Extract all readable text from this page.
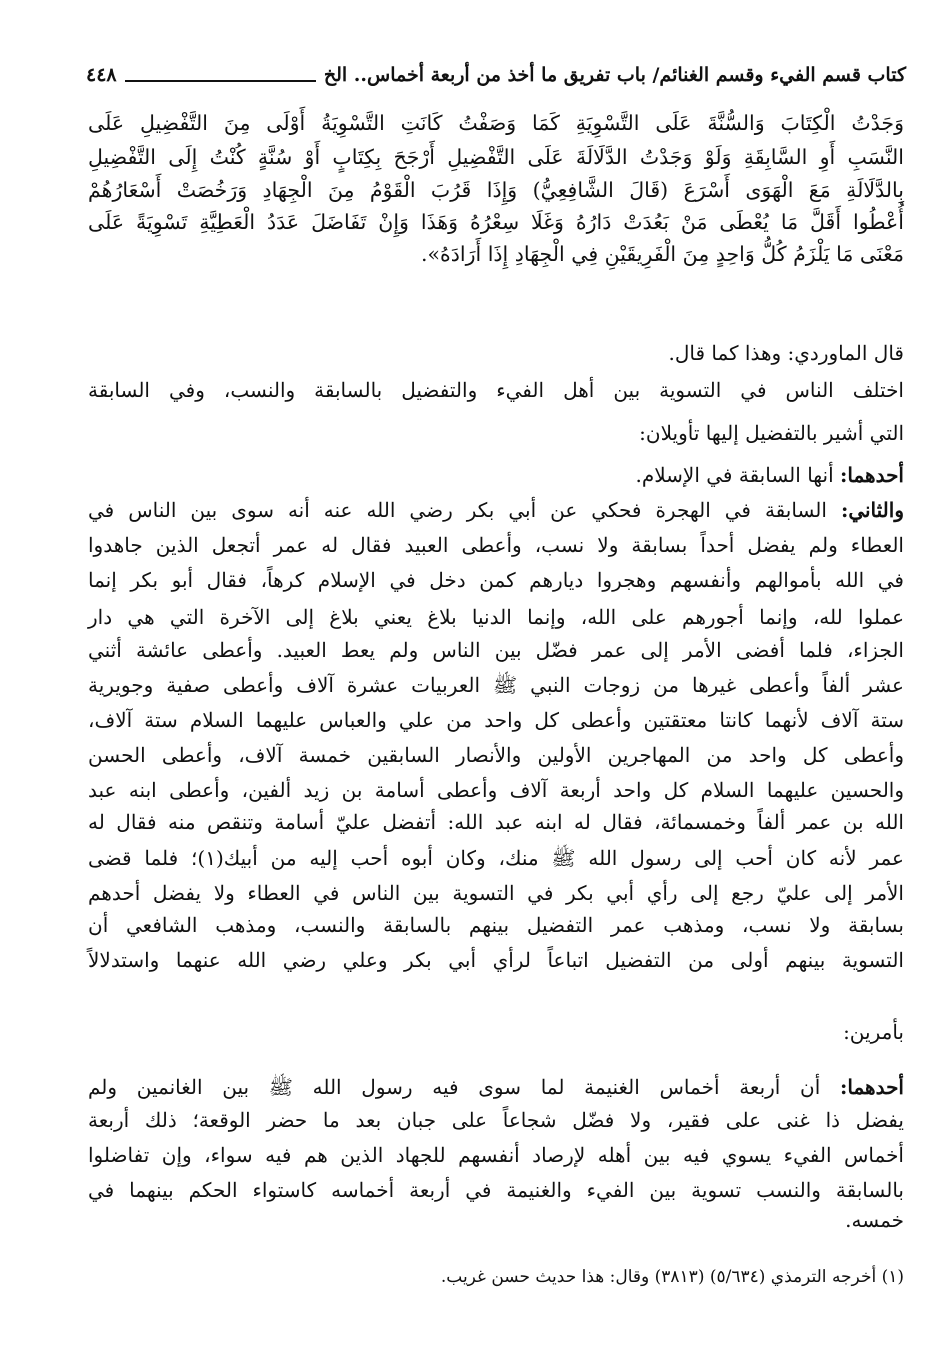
كتاب قسم الفيء وقسم الغنائم/ باب تفريق ما أخذ من أربعة أخماس.. الخ
٤٤٨
وَجَدْتُ الْكِتَابَ وَالسُّنَّةَ عَلَى التَّسْوِيَةِ كَمَا وَصَفْتُ كَانَتِ التَّسْوِيَةُ أَوْلَى مِنَ التَّفْضِيلِ عَلَى
النَّسَبِ أَوِ السَّابِقَةِ وَلَوْ وَجَدْتُ الدَّلَالَةَ عَلَى التَّفْضِيلِ أَرْجَحَ بِكِتَابٍ أَوْ سُنَّةٍ كُنْتُ إِلَى التَّفْضِيلِ
بِالدَّلَالَةِ مَعَ الْهَوَى أَسْرَعَ (قَالَ الشَّافِعِيُّ) وَإِذَا قَرُبَ الْقَوْمُ مِنَ الْجِهَادِ وَرَخُصَتْ أَسْعَارُهُمْ
أُعْطُوا أَقَلَّ مَا يُعْطَى مَنْ بَعُدَتْ دَارُهُ وَغَلَا سِعْرُهُ وَهَذَا وَإِنْ تَفَاضَلَ عَدَدُ الْعَطِيَّةِ تَسْوِيَةً عَلَى
مَعْنَى مَا يَلْزَمُ كُلُّ وَاحِدٍ مِنَ الْفَرِيقَيْنِ فِي الْجِهَادِ إِذَا أَرَادَهُ».
قال الماوردي: وهذا كما قال.
اختلف الناس في التسوية بين أهل الفيء والتفضيل بالسابقة والنسب، وفي السابقة
التي أشير بالتفضيل إليها تأويلان:
أحدهما: أنها السابقة في الإسلام.
والثاني: السابقة في الهجرة فحكي عن أبي بكر رضي الله عنه أنه سوى بين الناس في
العطاء ولم يفضل أحداً بسابقة ولا نسب، وأعطى العبيد فقال له عمر أتجعل الذين جاهدوا
في الله بأموالهم وأنفسهم وهجروا ديارهم كمن دخل في الإسلام كرهاً، فقال أبو بكر إنما
عملوا لله، وإنما أجورهم على الله، وإنما الدنيا بلاغ يعني بلاغ إلى الآخرة التي هي دار
الجزاء، فلما أفضى الأمر إلى عمر فضّل بين الناس ولم يعط العبيد. وأعطى عائشة أثني
عشر ألفاً وأعطى غيرها من زوجات النبي ﷺ العربيات عشرة آلاف وأعطى صفية وجويرية
ستة آلاف لأنهما كانتا معتقتين وأعطى كل واحد من علي والعباس عليهما السلام ستة آلاف،
وأعطى كل واحد من المهاجرين الأولين والأنصار السابقين خمسة آلاف، وأعطى الحسن
والحسين عليهما السلام كل واحد أربعة آلاف وأعطى أسامة بن زيد ألفين، وأعطى ابنه عبد
الله بن عمر ألفاً وخمسمائة، فقال له ابنه عبد الله: أتفضل عليّ أسامة وتنقص منه فقال له
عمر لأنه كان أحب إلى رسول الله ﷺ منك، وكان أبوه أحب إليه من أبيك(١)؛ فلما قضى
الأمر إلى عليّ رجع إلى رأي أبي بكر في التسوية بين الناس في العطاء ولا يفضل أحدهم
بسابقة ولا نسب، ومذهب عمر التفضيل بينهم بالسابقة والنسب، ومذهب الشافعي أن
التسوية بينهم أولى من التفضيل اتباعاً لرأي أبي بكر وعلي رضي الله عنهما واستدلالاً
بأمرين:
أحدهما: أن أربعة أخماس الغنيمة لما سوى فيه رسول الله ﷺ بين الغانمين ولم
يفضل ذا غنى على فقير، ولا فضّل شجاعاً على جبان بعد ما حضر الوقعة؛ ذلك أربعة
أخماس الفيء يسوي فيه بين أهله لإرصاد أنفسهم للجهاد الذين هم فيه سواء، وإن تفاضلوا
بالسابقة والنسب تسوية بين الفيء والغنيمة في أربعة أخماسه كاستواء الحكم بينهما في
خمسه.
(١) أخرجه الترمذي (٥/٦٣٤) (٣٨١٣) وقال: هذا حديث حسن غريب.
